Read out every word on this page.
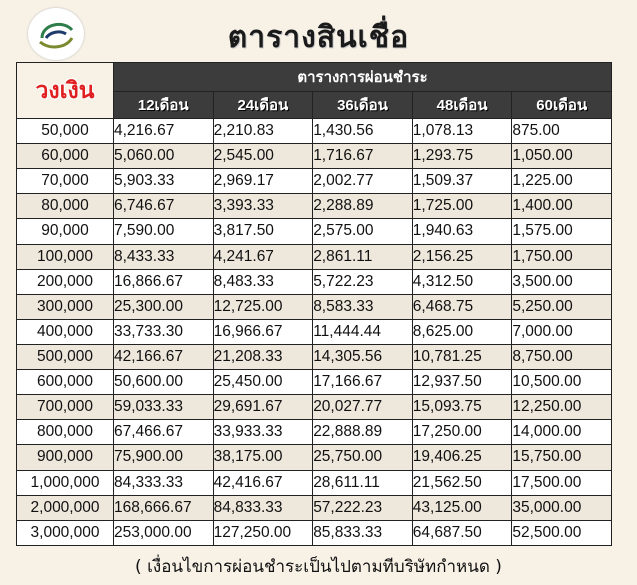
ตารางสินเชื่อ
วงเงิน	ตารางการผ่อนชำระ				
	12เดือน	24เดือน	36เดือน	48เดือน	60เดือน
50,000	4,216.67	2,210.83	1,430.56	1,078.13	875.00
60,000	5,060.00	2,545.00	1,716.67	1,293.75	1,050.00
70,000	5,903.33	2,969.17	2,002.77	1,509.37	1,225.00
80,000	6,746.67	3,393.33	2,288.89	1,725.00	1,400.00
90,000	7,590.00	3,817.50	2,575.00	1,940.63	1,575.00
100,000	8,433.33	4,241.67	2,861.11	2,156.25	1,750.00
200,000	16,866.67	8,483.33	5,722.23	4,312.50	3,500.00
300,000	25,300.00	12,725.00	8,583.33	6,468.75	5,250.00
400,000	33,733.30	16,966.67	11,444.44	8,625.00	7,000.00
500,000	42,166.67	21,208.33	14,305.56	10,781.25	8,750.00
600,000	50,600.00	25,450.00	17,166.67	12,937.50	10,500.00
700,000	59,033.33	29,691.67	20,027.77	15,093.75	12,250.00
800,000	67,466.67	33,933.33	22,888.89	17,250.00	14,000.00
900,000	75,900.00	38,175.00	25,750.00	19,406.25	15,750.00
1,000,000	84,333.33	42,416.67	28,611.11	21,562.50	17,500.00
2,000,000	168,666.67	84,833.33	57,222.23	43,125.00	35,000.00
3,000,000	253,000.00	127,250.00	85,833.33	64,687.50	52,500.00
( เงื่อนไขการผ่อนชำระเป็นไปตามทีบริษัทกำหนด )
